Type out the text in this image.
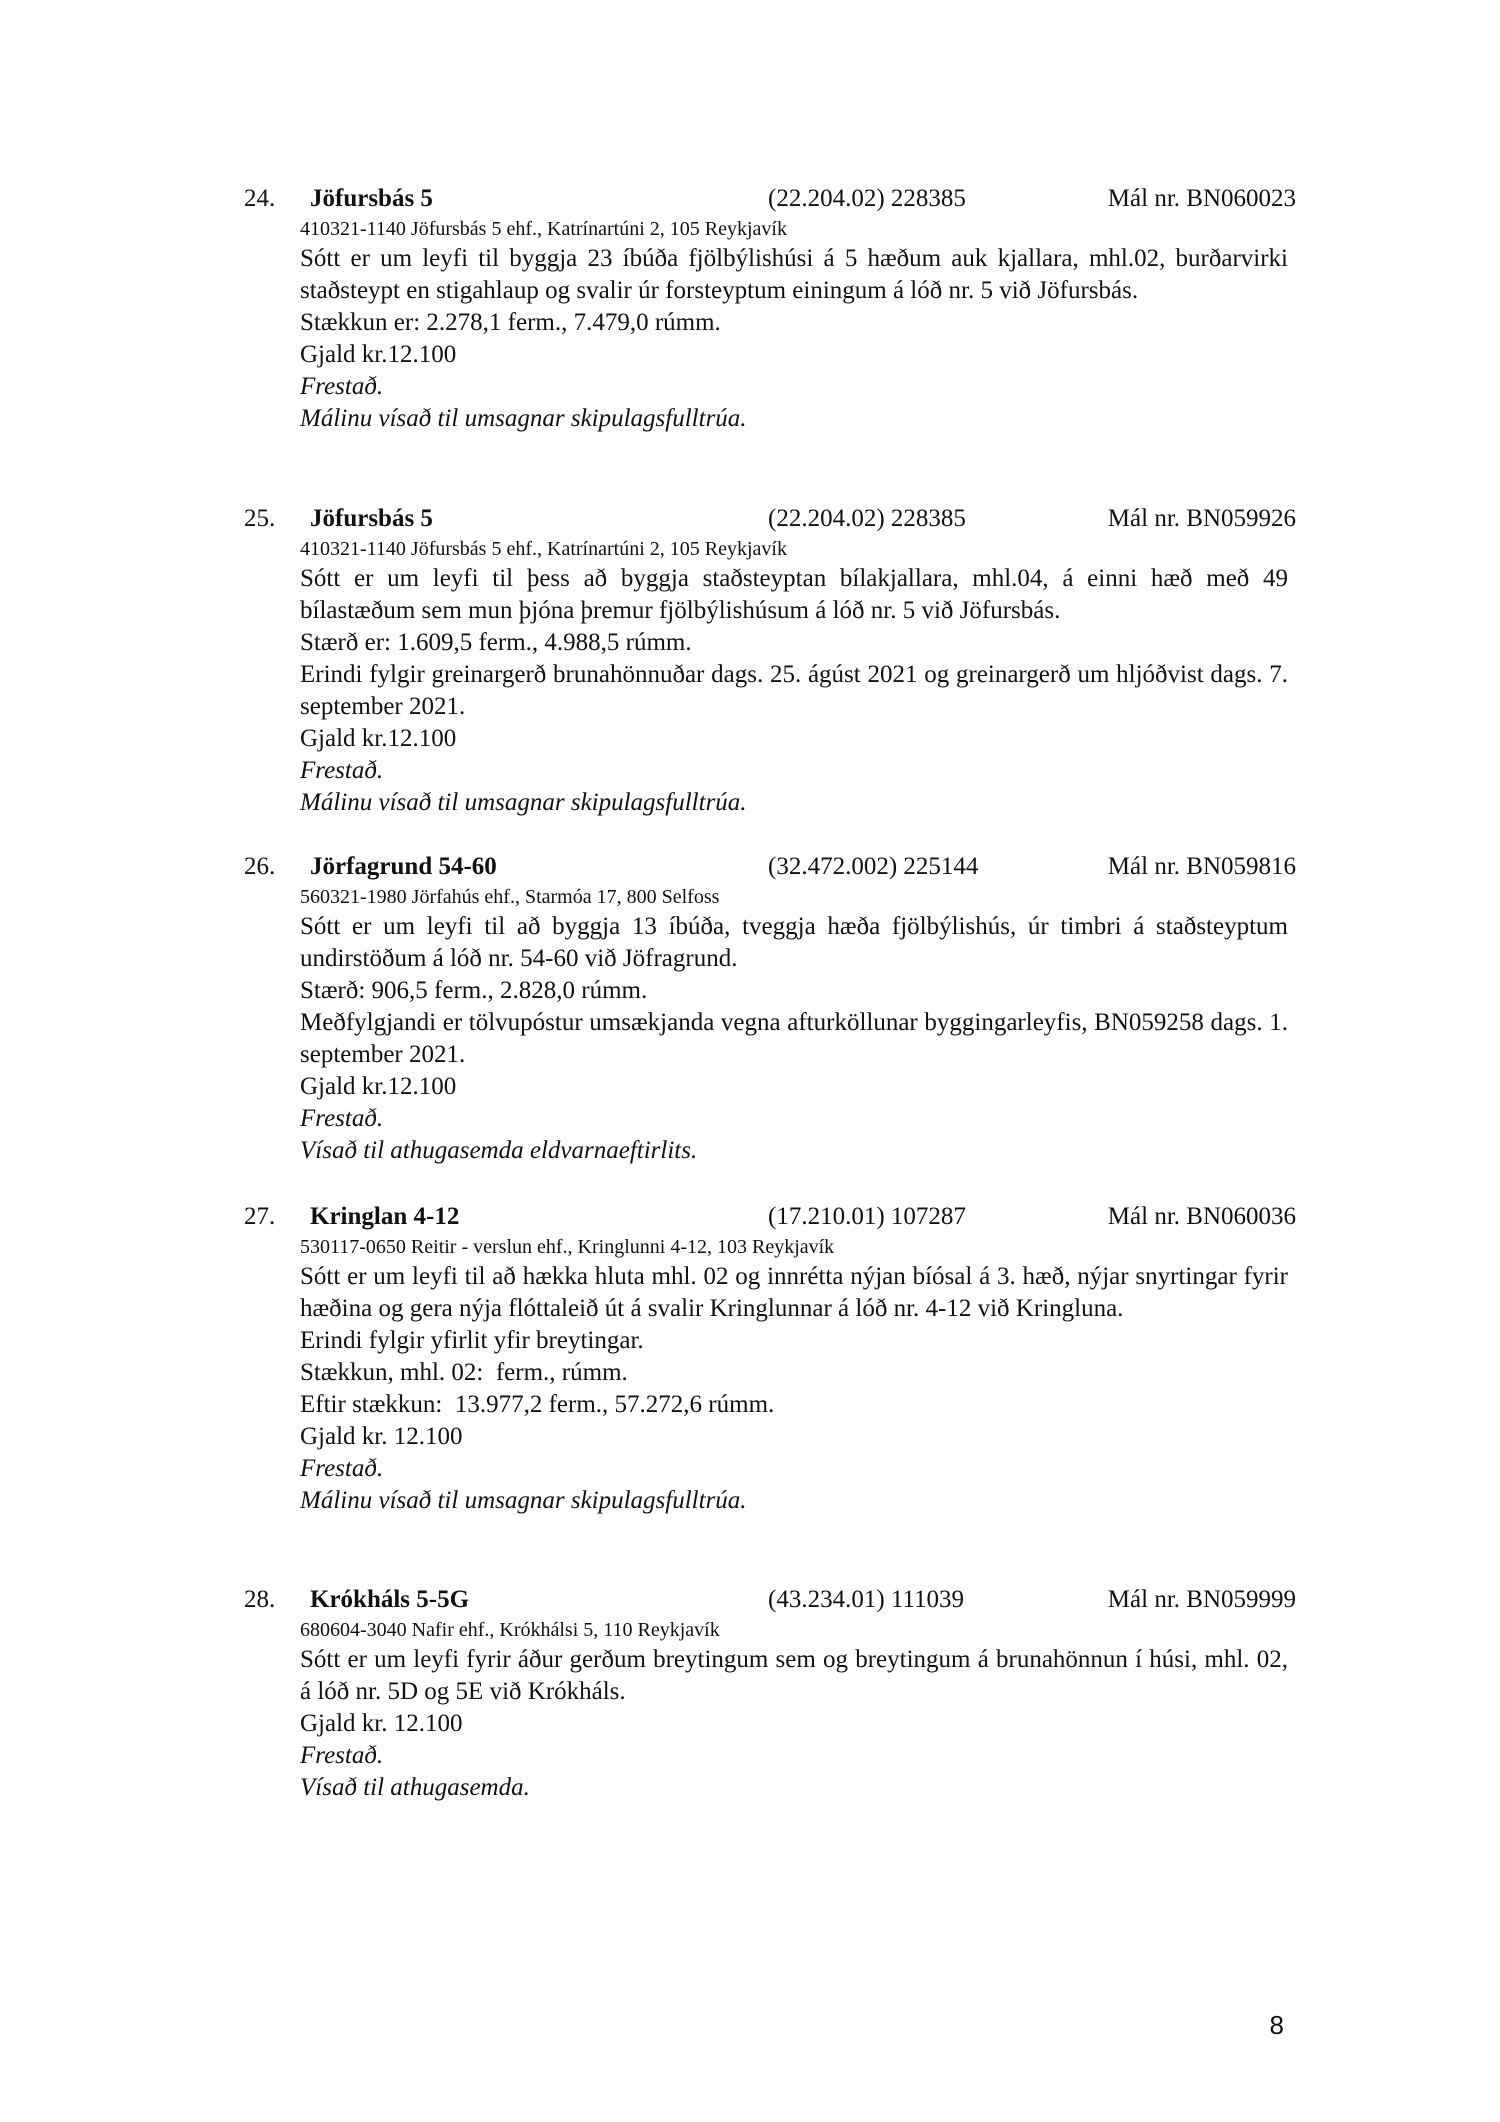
24. Jöfursbás 5	(22.204.02) 228385	Mál nr. BN060023
410321-1140 Jöfursbás 5 ehf., Katrínartúni 2, 105 Reykjavík
Sótt er um leyfi til byggja 23 íbúða fjölbýlishúsi á 5 hæðum auk kjallara, mhl.02, burðarvirki staðsteypt en stigahlaup og svalir úr forsteyptum einingum á lóð nr. 5 við Jöfursbás.
Stækkun er: 2.278,1 ferm., 7.479,0 rúmm.
Gjald kr.12.100
Frestað.
Málinu vísað til umsagnar skipulagsfulltrúa.
25. Jöfursbás 5	(22.204.02) 228385	Mál nr. BN059926
410321-1140 Jöfursbás 5 ehf., Katrínartúni 2, 105 Reykjavík
Sótt er um leyfi til þess að byggja staðsteyptan bílakjallara, mhl.04, á einni hæð með 49 bílastæðum sem mun þjóna þremur fjölbýlishúsum á lóð nr. 5 við Jöfursbás.
Stærð er: 1.609,5 ferm., 4.988,5 rúmm.
Erindi fylgir greinargerð brunahönnuðar dags. 25. ágúst 2021 og greinargerð um hljóðvist dags. 7. september 2021.
Gjald kr.12.100
Frestað.
Málinu vísað til umsagnar skipulagsfulltrúa.
26. Jörfagrund 54-60	(32.472.002) 225144	Mál nr. BN059816
560321-1980 Jörfahús ehf., Starmóa 17, 800 Selfoss
Sótt er um leyfi til að byggja 13 íbúða, tveggja hæða fjölbýlishús, úr timbri á staðsteyptum undirstöðum á lóð nr. 54-60 við Jöfragrund.
Stærð: 906,5 ferm., 2.828,0 rúmm.
Meðfylgjandi er tölvupóstur umsækjanda vegna afturköllunar byggingarleyfis, BN059258 dags. 1. september 2021.
Gjald kr.12.100
Frestað.
Vísað til athugasemda eldvarnaeftirlits.
27. Kringlan 4-12	(17.210.01) 107287	Mál nr. BN060036
530117-0650 Reitir - verslun ehf., Kringlunni 4-12, 103 Reykjavík
Sótt er um leyfi til að hækka hluta mhl. 02 og innrétta nýjan bíósal á 3. hæð, nýjar snyrtingar fyrir hæðina og gera nýja flóttaleið út á svalir Kringlunnar á lóð nr. 4-12 við Kringluna.
Erindi fylgir yfirlit yfir breytingar.
Stækkun, mhl. 02:  ferm., rúmm.
Eftir stækkun:  13.977,2 ferm., 57.272,6 rúmm.
Gjald kr. 12.100
Frestað.
Málinu vísað til umsagnar skipulagsfulltrúa.
28. Krókháls 5-5G	(43.234.01) 111039	Mál nr. BN059999
680604-3040 Nafir ehf., Krókhálsi 5, 110 Reykjavík
Sótt er um leyfi fyrir áður gerðum breytingum sem og breytingum á brunahönnun í húsi, mhl. 02, á lóð nr. 5D og 5E við Krókháls.
Gjald kr. 12.100
Frestað.
Vísað til athugasemda.
8
